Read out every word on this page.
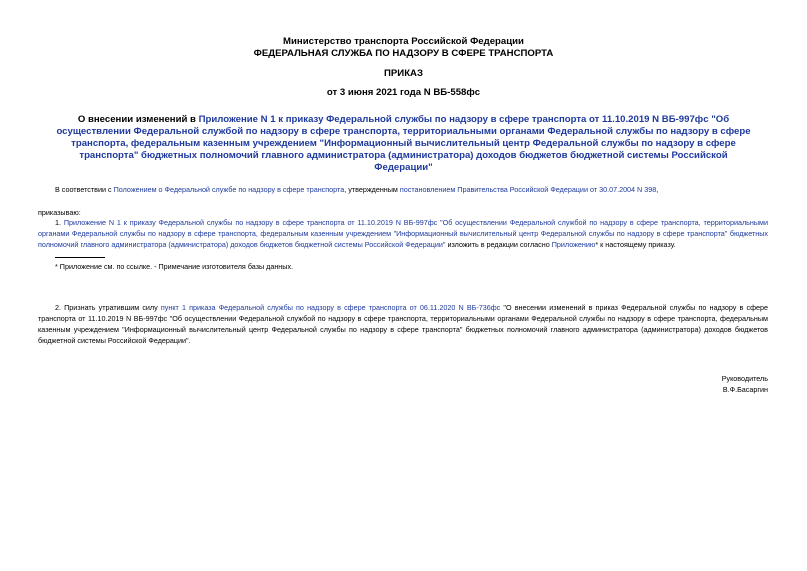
Министерство транспорта Российской Федерации
ФЕДЕРАЛЬНАЯ СЛУЖБА ПО НАДЗОРУ В СФЕРЕ ТРАНСПОРТА
ПРИКАЗ
от 3 июня 2021 года N ВБ-558фс
О внесении изменений в Приложение N 1 к приказу Федеральной службы по надзору в сфере транспорта от 11.10.2019 N ВБ-997фс "Об осуществлении Федеральной службой по надзору в сфере транспорта, территориальными органами Федеральной службы по надзору в сфере транспорта, федеральным казенным учреждением "Информационный вычислительный центр Федеральной службы по надзору в сфере транспорта" бюджетных полномочий главного администратора (администратора) доходов бюджетов бюджетной системы Российской Федерации"
В соответствии с Положением о Федеральной службе по надзору в сфере транспорта, утвержденным постановлением Правительства Российской Федерации от 30.07.2004 N 398,
приказываю:
1. Приложение N 1 к приказу Федеральной службы по надзору в сфере транспорта от 11.10.2019 N ВБ-997фс "Об осуществлении Федеральной службой по надзору в сфере транспорта, территориальными органами Федеральной службы по надзору в сфере транспорта, федеральным казенным учреждением "Информационный вычислительный центр Федеральной службы по надзору в сфере транспорта" бюджетных полномочий главного администратора (администратора) доходов бюджетов бюджетной системы Российской Федерации" изложить в редакции согласно Приложению* к настоящему приказу.
* Приложение см. по ссылке. - Примечание изготовителя базы данных.
2. Признать утратившим силу пункт 1 приказа Федеральной службы по надзору в сфере транспорта от 06.11.2020 N ВБ-736фс "О внесении изменений в приказ Федеральной службы по надзору в сфере транспорта от 11.10.2019 N ВБ-997фс "Об осуществлении Федеральной службой по надзору в сфере транспорта, территориальными органами Федеральной службы по надзору в сфере транспорта, федеральным казенным учреждением "Информационный вычислительный центр Федеральной службы по надзору в сфере транспорта" бюджетных полномочий главного администратора (администратора) доходов бюджетов бюджетной системы Российской Федерации".
Руководитель
В.Ф.Басаргин
